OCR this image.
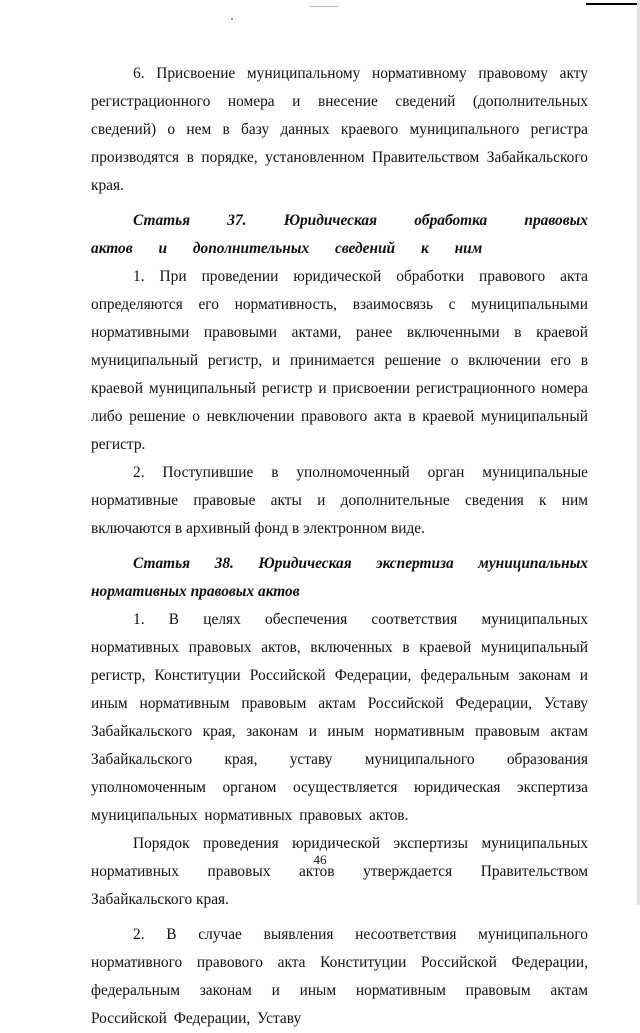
6. Присвоение муниципальному нормативному правовому акту регистрационного номера и внесение сведений (дополнительных сведений) о нем в базу данных краевого муниципального регистра производятся в порядке, установленном Правительством Забайкальского края.

Статья 37. Юридическая обработка правовых актов и дополнительных сведений к ним

1. При проведении юридической обработки правового акта определяются его нормативность, взаимосвязь с муниципальными нормативными правовыми актами, ранее включенными в краевой муниципальный регистр, и принимается решение о включении его в краевой муниципальный регистр и присвоении регистрационного номера либо решение о невключении правового акта в краевой муниципальный регистр.

2. Поступившие в уполномоченный орган муниципальные нормативные правовые акты и дополнительные сведения к ним включаются в архивный фонд в электронном виде.

Статья 38. Юридическая экспертиза муниципальных нормативных правовых актов

1. В целях обеспечения соответствия муниципальных нормативных правовых актов, включенных в краевой муниципальный регистр, Конституции Российской Федерации, федеральным законам и иным нормативным правовым актам Российской Федерации, Уставу Забайкальского края, законам и иным нормативным правовым актам Забайкальского края, уставу муниципального образования уполномоченным органом осуществляется юридическая экспертиза муниципальных нормативных правовых актов.

Порядок проведения юридической экспертизы муниципальных нормативных правовых актов утверждается Правительством Забайкальского края.

2. В случае выявления несоответствия муниципального нормативного правового акта Конституции Российской Федерации, федеральным законам и иным нормативным правовым актам Российской Федерации, Уставу

46
